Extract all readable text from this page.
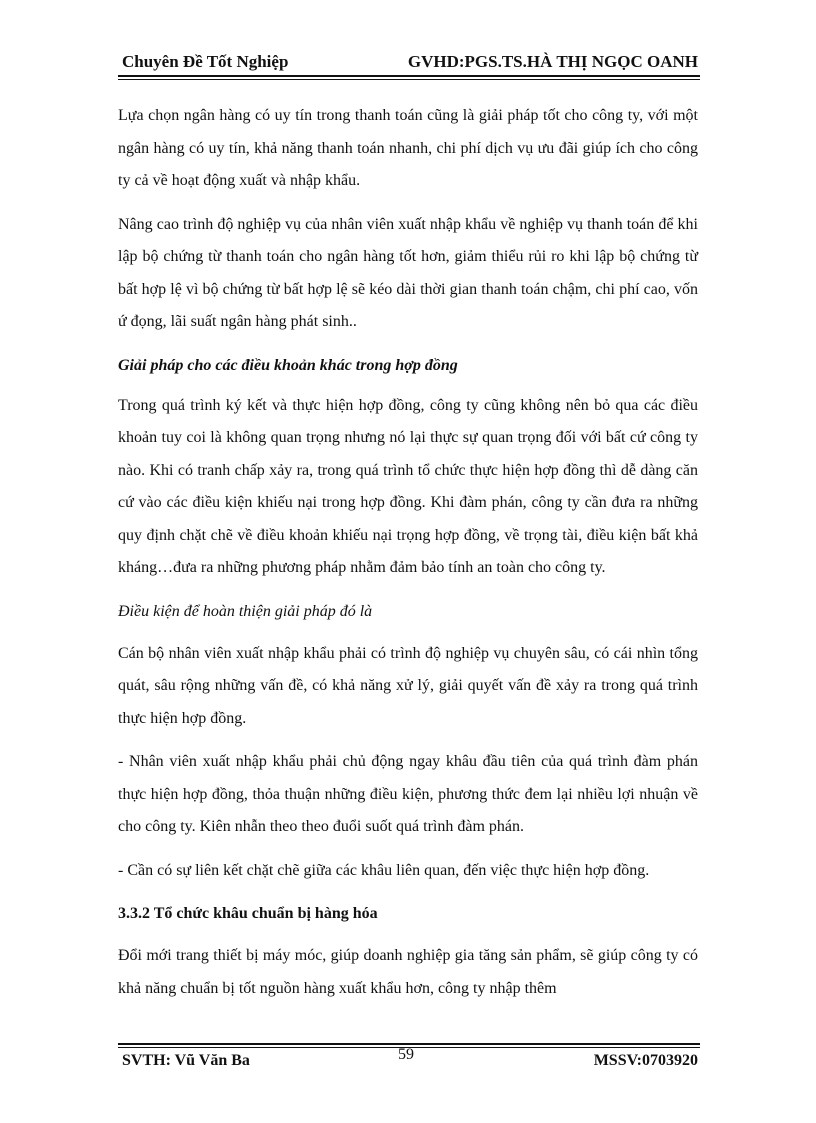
Chuyên Đề Tốt Nghiệp	GVHD:PGS.TS.HÀ THỊ NGỌC OANH

Lựa chọn ngân hàng có uy tín trong thanh toán cũng là giải pháp tốt cho công ty, với một ngân hàng có uy tín, khả năng thanh toán nhanh, chi phí dịch vụ ưu đãi giúp ích cho công ty cả về hoạt động xuất và nhập khẩu.

Nâng cao trình độ nghiệp vụ của nhân viên xuất nhập khẩu về nghiệp vụ thanh toán để khi lập bộ chứng từ thanh toán cho ngân hàng tốt hơn, giảm thiểu rủi ro khi lập bộ chứng từ bất hợp lệ vì bộ chứng từ bất hợp lệ sẽ kéo dài thời gian thanh toán chậm, chi phí cao, vốn ứ đọng, lãi suất ngân hàng phát sinh..

Giải pháp cho các điều khoản khác trong hợp đồng

Trong quá trình ký kết và thực hiện hợp đồng, công ty cũng không nên bỏ qua các điều khoản tuy coi là không quan trọng nhưng nó lại thực sự quan trọng đối với bất cứ công ty nào. Khi có tranh chấp xảy ra, trong quá trình tổ chức thực hiện hợp đồng thì dễ dàng căn cứ vào các điều kiện khiếu nại trong hợp đồng. Khi đàm phán, công ty cần đưa ra những quy định chặt chẽ về điều khoản khiếu nại trọng hợp đồng, về trọng tài, điều kiện bất khả kháng…đưa ra những phương pháp nhằm đảm bảo tính an toàn cho công ty.

Điều kiện để hoàn thiện giải pháp đó là

Cán bộ nhân viên xuất nhập khẩu phải có trình độ nghiệp vụ chuyên sâu, có cái nhìn tổng quát, sâu rộng những vấn đề, có khả năng xử lý, giải quyết vấn đề xảy ra trong quá trình thực hiện hợp đồng.

- Nhân viên xuất nhập khẩu phải chủ động ngay khâu đầu tiên của quá trình đàm phán thực hiện hợp đồng, thỏa thuận những điều kiện, phương thức đem lại nhiều lợi nhuận về cho công ty. Kiên nhẫn theo theo đuổi suốt quá trình đàm phán.

- Cần có sự liên kết chặt chẽ giữa các khâu liên quan, đến việc thực hiện hợp đồng.

3.3.2 Tổ chức khâu chuẩn bị hàng hóa

Đổi mới trang thiết bị máy móc, giúp doanh nghiệp gia tăng sản phẩm, sẽ giúp công ty có khả năng chuẩn bị tốt nguồn hàng xuất khẩu hơn, công ty nhập thêm

SVTH: Vũ Văn Ba	59	MSSV:0703920
